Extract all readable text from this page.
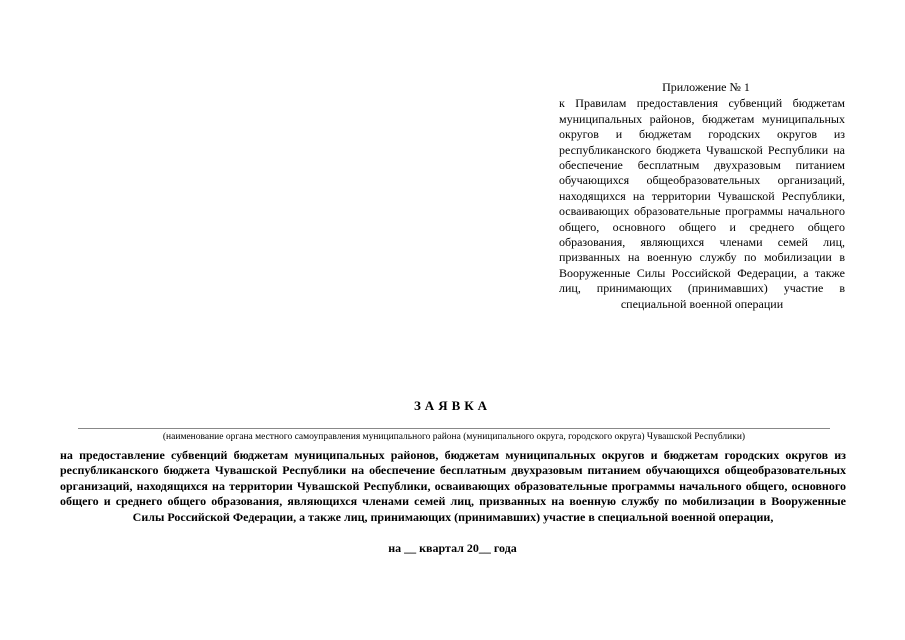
Приложение № 1

к Правилам предоставления субвенций бюджетам муниципальных районов, бюджетам муниципальных округов и бюджетам городских округов из республиканского бюджета Чувашской Республики на обеспечение бесплатным двухразовым питанием обучающихся общеобразовательных организаций, находящихся на территории Чувашской Республики, осваивающих образовательные программы начального общего, основного общего и среднего общего образования, являющихся членами семей лиц, призванных на военную службу по мобилизации в Вооруженные Силы Российской Федерации, а также лиц, принимающих (принимавших) участие в специальной военной операции

ЗАЯВКА
(наименование органа местного самоуправления муниципального района (муниципального округа, городского округа) Чувашской Республики)

на предоставление субвенций бюджетам муниципальных районов, бюджетам муниципальных округов и бюджетам городских округов из республиканского бюджета Чувашской Республики на обеспечение бесплатным двухразовым питанием обучающихся общеобразовательных организаций, находящихся на территории Чувашской Республики, осваивающих образовательные программы начального общего, основного общего и среднего общего образования, являющихся членами семей лиц, призванных на военную службу по мобилизации в Вооруженные Силы Российской Федерации, а также лиц, принимающих (принимавших) участие в специальной военной операции,

на __ квартал 20__ года
